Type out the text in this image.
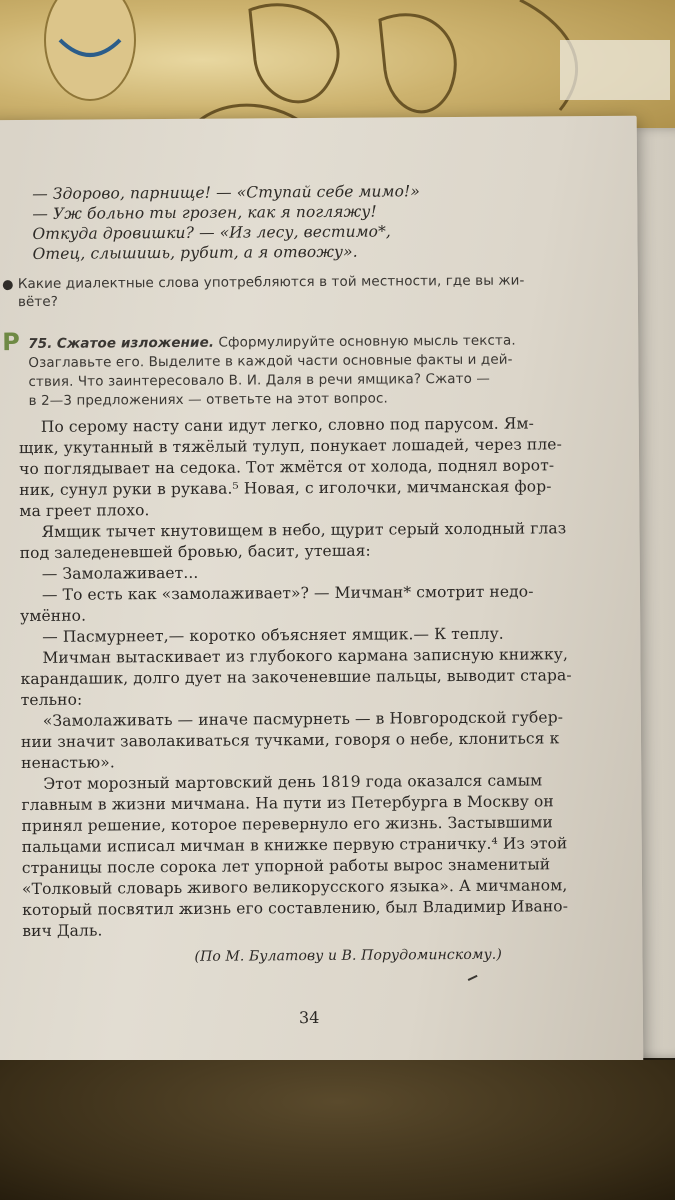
— Здорово, парнище! — «Ступай себе мимо!»
— Уж больно ты грозен, как я погляжу!
Откуда дровишки? — «Из лесу, вестимо*,
Отец, слышишь, рубит, а я отвожу».
Какие диалектные слова употребляются в той местности, где вы жи-
вёте?
Р 75. Сжатое изложение. Сформулируйте основную мысль текста.
Озаглавьте его. Выделите в каждой части основные факты и дей-
ствия. Что заинтересовало В. И. Даля в речи ямщика? Сжато —
в 2—3 предложениях — ответьте на этот вопрос.
По серому насту сани идут легко, словно под парусом. Ям-
щик, укутанный в тяжёлый тулуп, понукает лошадей, через пле-
чо поглядывает на седока. Тот жмётся от холода, поднял ворот-
ник, сунул руки в рукава.⁵ Новая, с иголочки, мичманская фор-
ма греет плохо.
Ямщик тычет кнутовищем в небо, щурит серый холодный глаз
под заледеневшей бровью, басит, утешая:
— Замолаживает...
— То есть как «замолаживает»? — Мичман* смотрит недо-
умённо.
— Пасмурнеет,— коротко объясняет ямщик.— К теплу.
Мичман вытаскивает из глубокого кармана записную книжку,
карандашик, долго дует на закоченевшие пальцы, выводит стара-
тельно:
«Замолаживать — иначе пасмурнеть — в Новгородской губер-
нии значит заволакиваться тучками, говоря о небе, клониться к
ненастью».
Этот морозный мартовский день 1819 года оказался самым
главным в жизни мичмана. На пути из Петербурга в Москву он
принял решение, которое перевернуло его жизнь. Застывшими
пальцами исписал мичман в книжке первую страничку.⁴ Из этой
страницы после сорока лет упорной работы вырос знаменитый
«Толковый словарь живого великорусского языка». А мичманом,
который посвятил жизнь его составлению, был Владимир Ивано-
вич Даль.
(По М. Булатову и В. Порудоминскому.)
34
